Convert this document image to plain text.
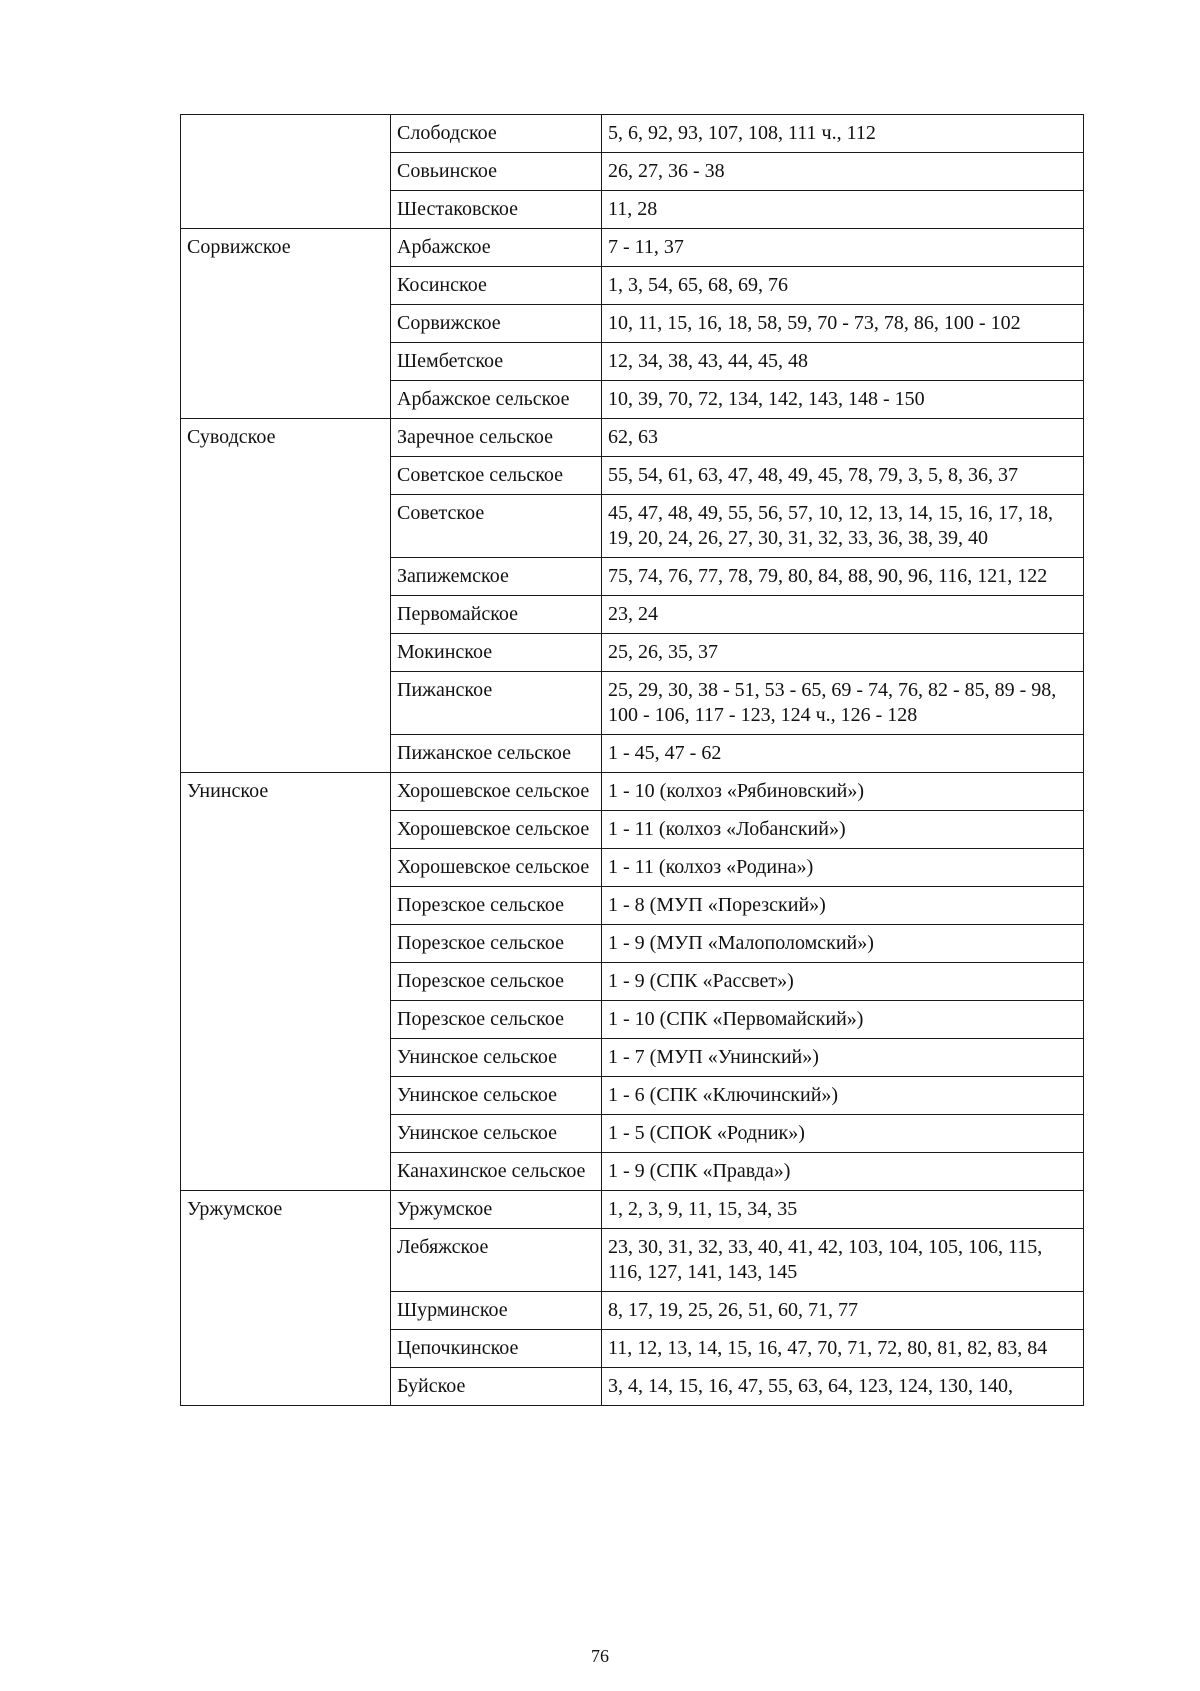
	Слободское	5, 6, 92, 93, 107, 108, 111 ч., 112
	Совьинское	26, 27, 36 - 38
	Шестаковское	11, 28
Сорвижское	Арбажское	7 - 11, 37
	Косинское	1, 3, 54, 65, 68, 69, 76
	Сорвижское	10, 11, 15, 16, 18, 58, 59, 70 - 73, 78, 86, 100 - 102
	Шембетское	12, 34, 38, 43, 44, 45, 48
	Арбажское сельское	10, 39, 70, 72, 134, 142, 143, 148 - 150
Суводское	Заречное сельское	62, 63
	Советское сельское	55, 54, 61, 63, 47, 48, 49, 45, 78, 79, 3, 5, 8, 36, 37
	Советское	45, 47, 48, 49, 55, 56, 57, 10, 12, 13, 14, 15, 16, 17, 18, 19, 20, 24, 26, 27, 30, 31, 32, 33, 36, 38, 39, 40
	Запижемское	75, 74, 76, 77, 78, 79, 80, 84, 88, 90, 96, 116, 121, 122
	Первомайское	23, 24
	Мокинское	25, 26, 35, 37
	Пижанское	25, 29, 30, 38 - 51, 53 - 65, 69 - 74, 76, 82 - 85, 89 - 98, 100 - 106, 117 - 123, 124 ч., 126 - 128
	Пижанское сельское	1 - 45, 47 - 62
Унинское	Хорошевское сельское	1 - 10 (колхоз «Рябиновский»)
	Хорошевское сельское	1 - 11 (колхоз «Лобанский»)
	Хорошевское сельское	1 - 11 (колхоз «Родина»)
	Порезское сельское	1 - 8 (МУП «Порезский»)
	Порезское сельское	1 - 9 (МУП «Малополомский»)
	Порезское сельское	1 - 9 (СПК «Рассвет»)
	Порезское сельское	1 - 10 (СПК «Первомайский»)
	Унинское сельское	1 - 7 (МУП «Унинский»)
	Унинское сельское	1 - 6 (СПК «Ключинский»)
	Унинское сельское	1 - 5 (СПОК «Родник»)
	Канахинское сельское	1 - 9 (СПК «Правда»)
Уржумское	Уржумское	1, 2, 3, 9, 11, 15, 34, 35
	Лебяжское	23, 30, 31, 32, 33, 40, 41, 42, 103, 104, 105, 106, 115, 116, 127, 141, 143, 145
	Шурминское	8, 17, 19, 25, 26, 51, 60, 71, 77
	Цепочкинское	11, 12, 13, 14, 15, 16, 47, 70, 71, 72, 80, 81, 82, 83, 84
	Буйское	3, 4, 14, 15, 16, 47, 55, 63, 64, 123, 124, 130, 140,
76
